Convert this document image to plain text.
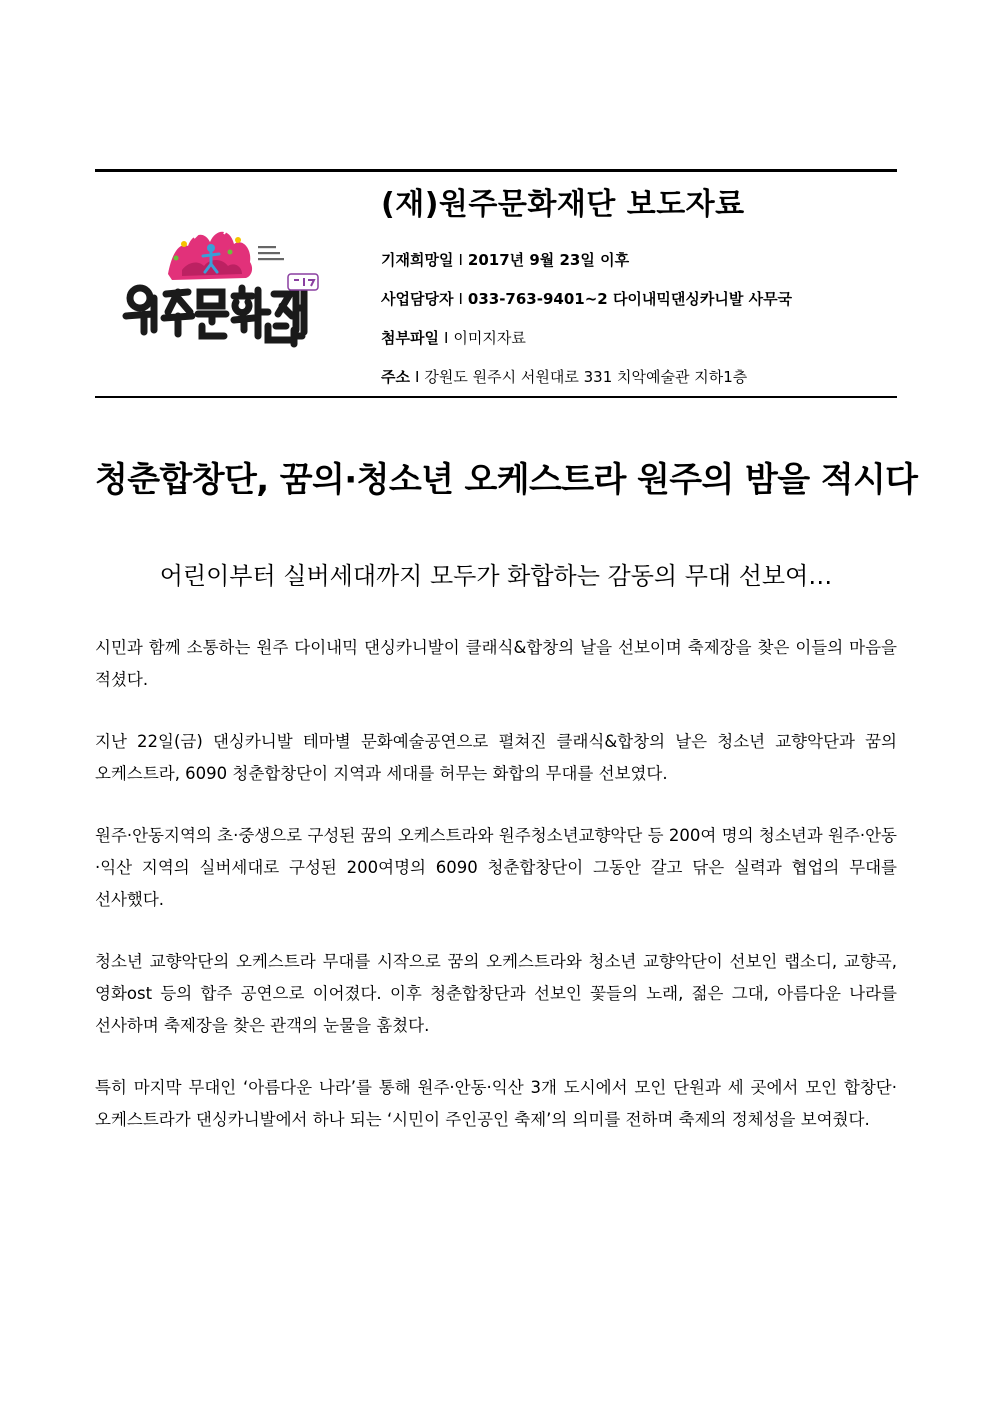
(재)원주문화재단 보도자료
기재희망일 I 2017년 9월 23일 이후
사업담당자 I 033-763-9401~2 다이내믹댄싱카니발 사무국
첨부파일 I 이미지자료
주소 I 강원도 원주시 서원대로 331 치악예술관 지하1층
청춘합창단, 꿈의·청소년 오케스트라 원주의 밤을 적시다
어린이부터 실버세대까지 모두가 화합하는 감동의 무대 선보여…

시민과 함께 소통하는 원주 다이내믹 댄싱카니발이 클래식&합창의 날을 선보이며 축제장을 찾은 이들의 마음을 적셨다.

지난 22일(금) 댄싱카니발 테마별 문화예술공연으로 펼쳐진 클래식&합창의 날은 청소년 교향악단과 꿈의 오케스트라, 6090 청춘합창단이 지역과 세대를 허무는 화합의 무대를 선보였다.

원주·안동지역의 초·중생으로 구성된 꿈의 오케스트라와 원주청소년교향악단 등 200여 명의 청소년과 원주·안동·익산 지역의 실버세대로 구성된 200여명의 6090 청춘합창단이 그동안 갈고 닦은 실력과 협업의 무대를 선사했다.

청소년 교향악단의 오케스트라 무대를 시작으로 꿈의 오케스트라와 청소년 교향악단이 선보인 랩소디, 교향곡, 영화ost 등의 합주 공연으로 이어졌다. 이후 청춘합창단과 선보인 꽃들의 노래, 젊은 그대, 아름다운 나라를 선사하며 축제장을 찾은 관객의 눈물을 훔쳤다.

특히 마지막 무대인 ‘아름다운 나라’를 통해 원주·안동·익산 3개 도시에서 모인 단원과 세 곳에서 모인 합창단·오케스트라가 댄싱카니발에서 하나 되는 ‘시민이 주인공인 축제’의 의미를 전하며 축제의 정체성을 보여줬다.
